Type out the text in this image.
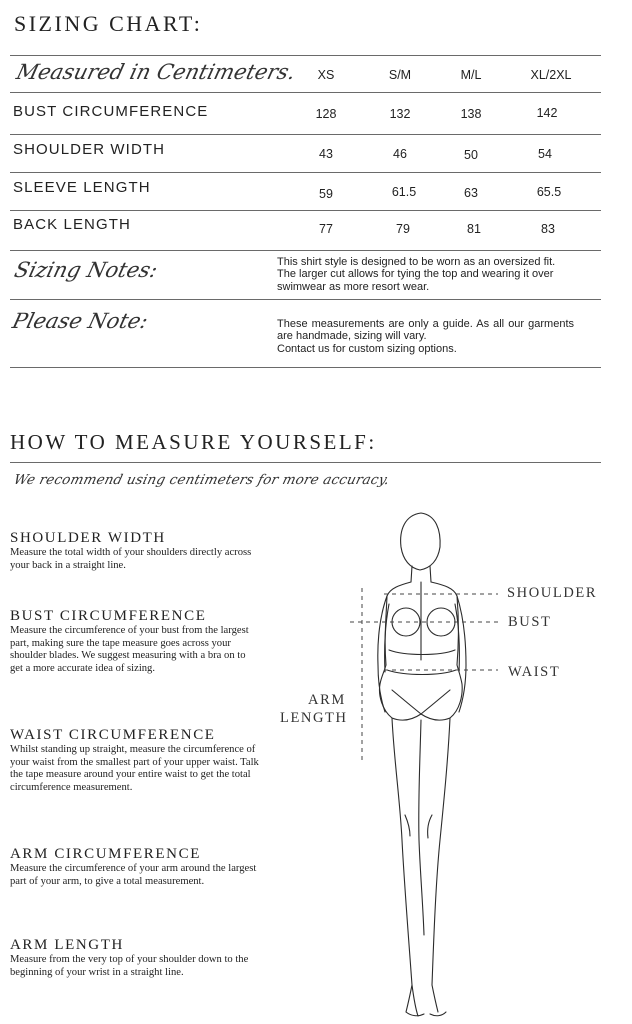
SIZING CHART:
Measured in Centimeters.	XS	S/M	M/L	XL/2XL
BUST CIRCUMFERENCE	128	132	138	142
SHOULDER WIDTH	43	46	50	54
SLEEVE LENGTH	59	61.5	63	65.5
BACK LENGTH	77	79	81	83
Sizing Notes:	This shirt style is designed to be worn as an oversized fit.

The larger cut allows for tying the top and wearing it over

swimwear as more resort wear.

Please Note:	These measurements are only a guide. As all our garments are handmade, sizing will vary.

Contact us for custom sizing options.

HOW TO MEASURE YOURSELF:
We recommend using centimeters for more accuracy.
SHOULDER WIDTH
Measure the total width of your shoulders directly across your back in a straight line.
BUST CIRCUMFERENCE
Measure the circumference of your bust from the largest part, making sure the tape measure goes across your shoulder blades. We suggest measuring with a bra on to get a more accurate idea of sizing.
WAIST CIRCUMFERENCE
Whilst standing up straight, measure the circumference of your waist from the smallest part of your upper waist. Talk the tape measure around your entire waist to get the total circumference measurement.
ARM CIRCUMFERENCE
Measure the circumference of your arm around the largest part of your arm, to give a total measurement.
ARM LENGTH
Measure from the very top of your shoulder down to the beginning of your wrist in a straight line.
SHOULDER
BUST
WAIST
ARM
LENGTH
